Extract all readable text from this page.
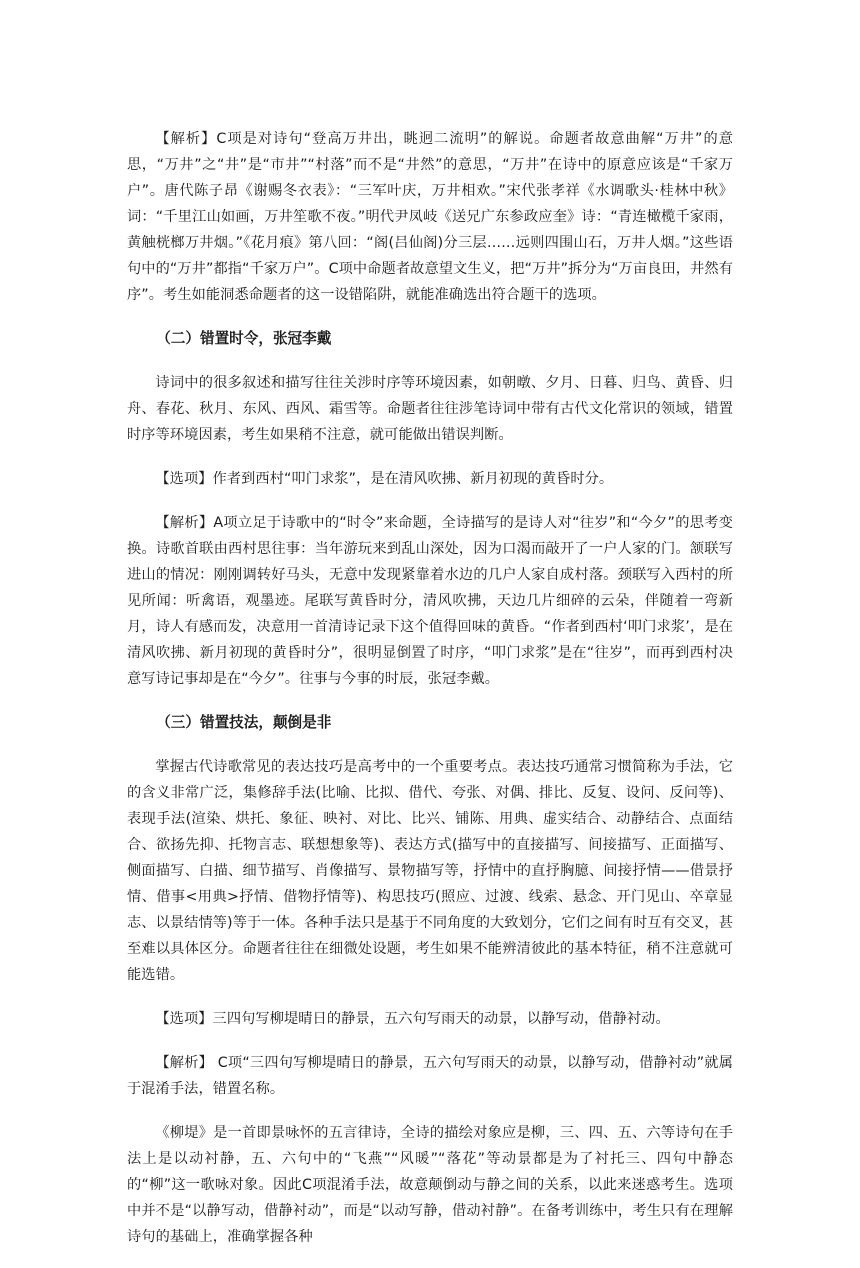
【解析】C项是对诗句“登高万井出，眺迥二流明”的解说。命题者故意曲解“万井”的意思，“万井”之“井”是“市井”“村落”而不是“井然”的意思，“万井”在诗中的原意应该是“千家万户”。唐代陈子昂《谢赐冬衣表》：“三军叶庆，万井相欢。”宋代张孝祥《水调歌头·桂林中秋》词：“千里江山如画，万井笙歌不夜。”明代尹凤岐《送兄广东参政应奎》诗：“青连橄榄千家雨，黄触桄榔万井烟。”《花月痕》第八回：“阁(吕仙阁)分三层……远则四围山石，万井人烟。”这些语句中的“万井”都指“千家万户”。C项中命题者故意望文生义，把“万井”拆分为“万亩良田，井然有序”。考生如能洞悉命题者的这一设错陷阱，就能准确选出符合题干的选项。

（二）错置时令，张冠李戴

诗词中的很多叙述和描写往往关涉时序等环境因素，如朝暾、夕月、日暮、归鸟、黄昏、归舟、春花、秋月、东风、西风、霜雪等。命题者往往涉笔诗词中带有古代文化常识的领域，错置时序等环境因素，考生如果稍不注意，就可能做出错误判断。

【选项】作者到西村“叩门求浆”，是在清风吹拂、新月初现的黄昏时分。

【解析】A项立足于诗歌中的“时令”来命题，全诗描写的是诗人对“往岁”和“今夕”的思考变换。诗歌首联由西村思往事：当年游玩来到乱山深处，因为口渴而敲开了一户人家的门。颔联写进山的情况：刚刚调转好马头，无意中发现紧靠着水边的几户人家自成村落。颈联写入西村的所见所闻：听禽语，观墨迹。尾联写黄昏时分，清风吹拂，天边几片细碎的云朵，伴随着一弯新月，诗人有感而发，决意用一首清诗记录下这个值得回味的黄昏。“作者到西村‘叩门求浆’，是在清风吹拂、新月初现的黄昏时分”，很明显倒置了时序，“叩门求浆”是在“往岁”，而再到西村决意写诗记事却是在“今夕”。往事与今事的时辰，张冠李戴。

（三）错置技法，颠倒是非

掌握古代诗歌常见的表达技巧是高考中的一个重要考点。表达技巧通常习惯简称为手法，它的含义非常广泛，集修辞手法(比喻、比拟、借代、夸张、对偶、排比、反复、设问、反问等)、表现手法(渲染、烘托、象征、映衬、对比、比兴、铺陈、用典、虚实结合、动静结合、点面结合、欲扬先抑、托物言志、联想想象等)、表达方式(描写中的直接描写、间接描写、正面描写、侧面描写、白描、细节描写、肖像描写、景物描写等，抒情中的直抒胸臆、间接抒情——借景抒情、借事<用典>抒情、借物抒情等)、构思技巧(照应、过渡、线索、悬念、开门见山、卒章显志、以景结情等)等于一体。各种手法只是基于不同角度的大致划分，它们之间有时互有交叉，甚至难以具体区分。命题者往往在细微处设题，考生如果不能辨清彼此的基本特征，稍不注意就可能选错。

【选项】三四句写柳堤晴日的静景，五六句写雨天的动景，以静写动，借静衬动。

【解析】 C项“三四句写柳堤晴日的静景，五六句写雨天的动景，以静写动，借静衬动”就属于混淆手法，错置名称。

《柳堤》是一首即景咏怀的五言律诗，全诗的描绘对象应是柳，三、四、五、六等诗句在手法上是以动衬静，五、六句中的“飞燕”“风暖”“落花”等动景都是为了衬托三、四句中静态的“柳”这一歌咏对象。因此C项混淆手法，故意颠倒动与静之间的关系，以此来迷惑考生。选项中并不是“以静写动，借静衬动”，而是“以动写静，借动衬静”。在备考训练中，考生只有在理解诗句的基础上，准确掌握各种
